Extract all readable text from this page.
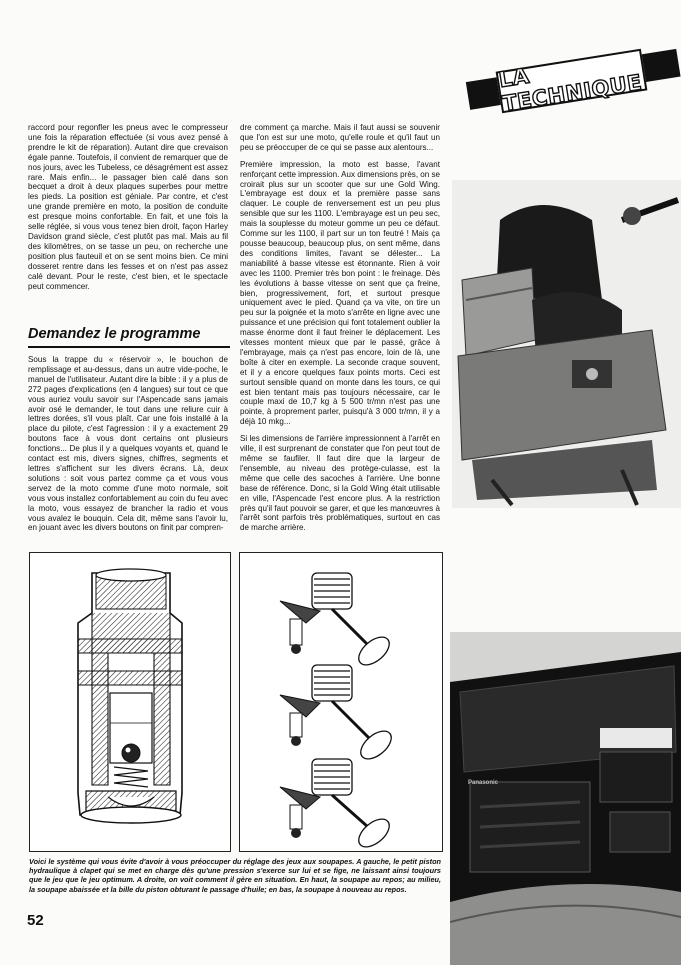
LA TECHNIQUE

raccord pour regonfler les pneus avec le compresseur une fois la réparation effectuée (si vous avez pensé à prendre le kit de réparation). Autant dire que crevaison égale panne. Toutefois, il convient de remarquer que de nos jours, avec les Tubeless, ce désagrément est assez rare. Mais enfin... le passager bien calé dans son becquet a droit à deux plaques superbes pour mettre les pieds. La position est géniale. Par contre, et c'est une grande première en moto, la position de conduite est presque moins confortable. En fait, et une fois la selle réglée, si vous vous tenez bien droit, façon Harley Davidson grand siècle, c'est plutôt pas mal. Mais au fil des kilomètres, on se tasse un peu, on recherche une position plus fauteuil et on se sent moins bien. Ce mini dosseret rentre dans les fesses et on n'est pas assez calé devant. Pour le reste, c'est bien, et le spectacle peut commencer.

Demandez le programme

Sous la trappe du « réservoir », le bouchon de remplissage et au-dessus, dans un autre vide-poche, le manuel de l'utilisateur. Autant dire la bible : il y a plus de 272 pages d'explications (en 4 langues) sur tout ce que vous auriez voulu savoir sur l'Aspencade sans jamais avoir osé le demander, le tout dans une reliure cuir à lettres dorées, s'il vous plaît. Car une fois installé à la place du pilote, c'est l'agression : il y a exactement 29 boutons face à vous dont certains ont plusieurs fonctions... De plus il y a quelques voyants et, quand le contact est mis, divers signes, chiffres, segments et lettres s'affichent sur les divers écrans. Là, deux solutions : soit vous partez comme ça et vous vous servez de la moto comme d'une moto normale, soit vous vous installez confortablement au coin du feu avec la moto, vous essayez de brancher la radio et vous vous avalez le bouquin. Cela dit, même sans l'avoir lu, en jouant avec les divers boutons on finit par compren-

dre comment ça marche. Mais il faut aussi se souvenir que l'on est sur une moto, qu'elle roule et qu'il faut un peu se préoccuper de ce qui se passe aux alentours...

Première impression, la moto est basse, l'avant renforçant cette impression. Aux dimensions près, on se croirait plus sur un scooter que sur une Gold Wing. L'embrayage est doux et la première passe sans claquer. Le couple de renversement est un peu plus sensible que sur les 1100. L'embrayage est un peu sec, mais la souplesse du moteur gomme un peu ce défaut. Comme sur les 1100, il part sur un ton feutré ! Mais ça pousse beaucoup, beaucoup plus, on sent même, dans des conditions limites, l'avant se délester... La maniabilité à basse vitesse est étonnante. Rien à voir avec les 1100. Premier très bon point : le freinage. Dès les évolutions à basse vitesse on sent que ça freine, bien, progressivement, fort, et surtout presque uniquement avec le pied. Quand ça va vite, on tire un peu sur la poignée et la moto s'arrête en ligne avec une puissance et une précision qui font totalement oublier la masse énorme dont il faut freiner le déplacement. Les vitesses montent mieux que par le passé, grâce à l'embrayage, mais ça n'est pas encore, loin de là, une boîte à citer en exemple. La seconde craque souvent, et il y a encore quelques faux points morts. Ceci est surtout sensible quand on monte dans les tours, ce qui est bien tentant mais pas toujours nécessaire, car le couple maxi de 10,7 kg à 5 500 tr/mn n'est pas une pointe, à proprement parler, puisqu'à 3 000 tr/mn, il y a déjà 10 mkg...

Si les dimensions de l'arrière impressionnent à l'arrêt en ville, il est surprenant de constater que l'on peut tout de même se faufiler. Il faut dire que la largeur de l'ensemble, au niveau des protège-culasse, est la même que celle des sacoches à l'arrière. Une bonne base de référence. Donc, si la Gold Wing était utilisable en ville, l'Aspencade l'est encore plus. A la restriction près qu'il faut pouvoir se garer, et que les manœuvres à l'arrêt sont parfois très problématiques, surtout en cas de marche arrière.

Panasonic

Voici le système qui vous évite d'avoir à vous préoccuper du réglage des jeux aux soupapes. A gauche, le petit piston hydraulique à clapet qui se met en charge dès qu'une pression s'exerce sur lui et se fige, ne laissant ainsi toujours que le jeu que le jeu optimum. A droite, on voit comment il gère en situation. En haut, la soupape au repos; au milieu, la soupape abaissée et la bille du piston obturant le passage d'huile; en bas, la soupape à nouveau au repos.

52
